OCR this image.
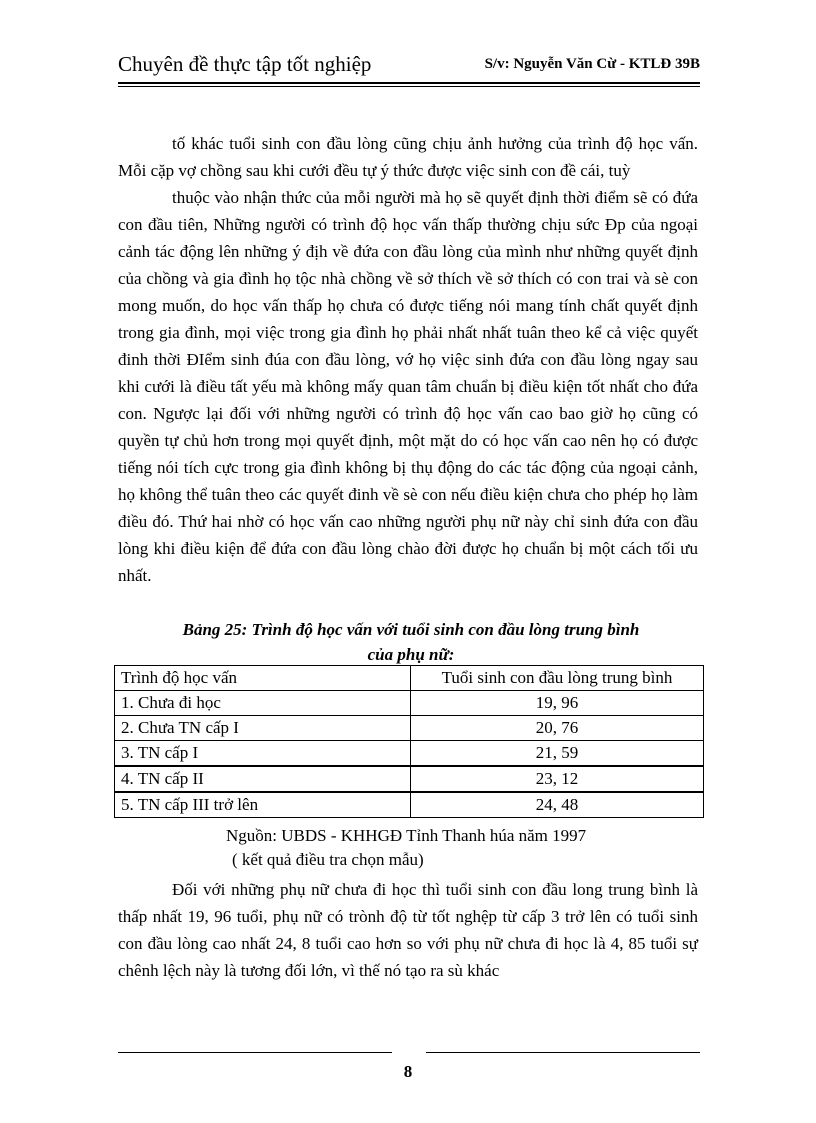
Chuyên đề thực tập tốt nghiệp	S/v: Nguyễn Văn Cừ - KTLĐ 39B

tố khác tuổi sinh con đầu lòng cũng chịu ảnh hưởng của trình độ học vấn. Mỗi cặp vợ chồng sau khi cưới đều tự ý thức được việc sinh con đề cái, tuỳ

thuộc vào nhận thức của mỗi người mà họ sẽ quyết định thời điểm sẽ có đứa con đầu tiên, Những người có trình độ học vấn thấp thường chịu sức Đp của ngoại cảnh tác động lên những ý địh về đứa con đầu lòng của mình như những quyết định của chồng và gia đình họ tộc nhà chồng về sở thích về sở thích có con trai và sè con mong muốn, do học vấn thấp họ chưa có được tiếng nói mang tính chất quyết định trong gia đình, mọi việc trong gia đình họ phải nhất nhất tuân theo kể cả việc quyết đinh thời ĐIểm sinh đúa con đầu lòng, vớ họ việc sinh đứa con đầu lòng ngay sau khi cưới là điều tất yếu mà không mấy quan tâm chuẩn bị điều kiện tốt nhất cho đứa con. Ngược lại đối với những người có trình độ học vấn cao bao giờ họ cũng có quyền tự chủ hơn trong mọi quyết định, một mặt do có học vấn cao nên họ có được tiếng nói tích cực trong gia đình không bị thụ động do các tác động của ngoại cảnh, họ không thể tuân theo các quyết đinh về sè con nếu điều kiện chưa cho phép họ làm điều đó. Thứ hai nhờ có học vấn cao những người phụ nữ này chỉ sinh đứa con đầu lòng khi điều kiện để đứa con đầu lòng chào đời được họ chuẩn bị một cách tối ưu nhất.

Bảng 25: Trình độ học vấn với tuổi sinh con đầu lòng trung bình
của phụ nữ:
Trình độ học vấn	Tuổi sinh con đầu lòng trung bình
1. Chưa đi học	19, 96
2. Chưa TN cấp I	20, 76
3. TN cấp I	21, 59
4. TN cấp II	23, 12
5. TN cấp III trở lên	24, 48
Nguồn: UBDS - KHHGĐ Tỉnh Thanh húa năm 1997
( kết quả điều tra chọn mẫu)

Đối với những phụ nữ chưa đi học thì tuổi sinh con đầu long trung bình là thấp nhất 19, 96 tuổi, phụ nữ có trònh độ từ tốt nghệp từ cấp 3 trở lên có tuổi sinh con đầu lòng cao nhất 24, 8 tuổi cao hơn so với phụ nữ chưa đi học là 4, 85 tuổi sự chênh lệch này là tương đối lớn, vì thế nó tạo ra sù khác

8
